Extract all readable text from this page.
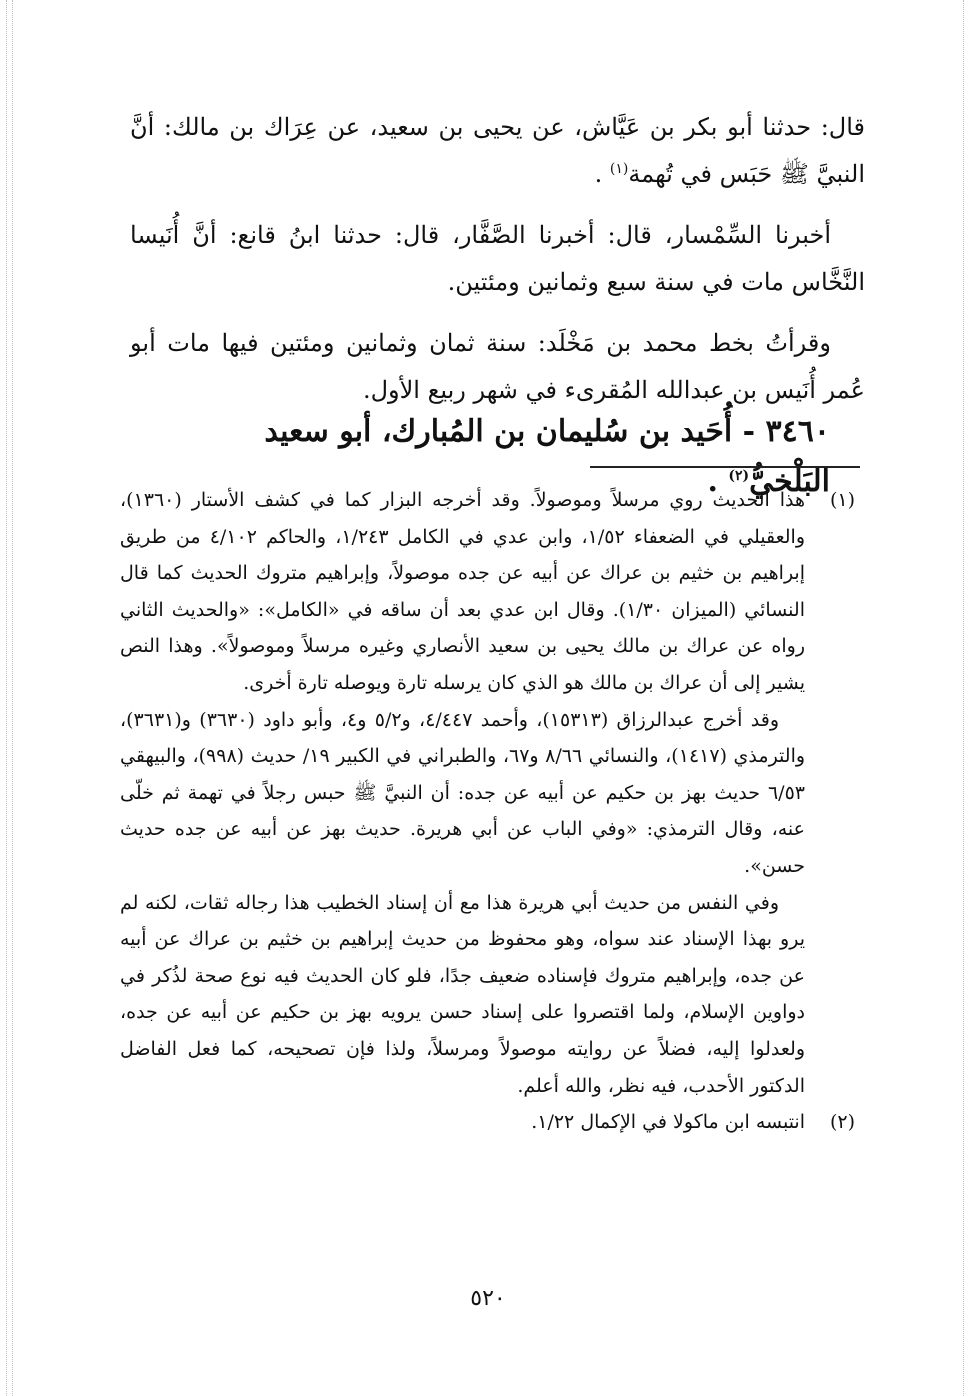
قال: حدثنا أبو بكر بن عَيَّاش، عن يحيى بن سعيد، عن عِرَاك بن مالك: أنَّ النبيَّ ﷺ حَبَس في تُهمة$^{(١)}$ .

أخبرنا السِّمْسار، قال: أخبرنا الصَّفَّار، قال: حدثنا ابنُ قانع: أنَّ أُنَيسا النَّخَّاس مات في سنة سبع وثمانين ومئتين.

وقرأتُ بخط محمد بن مَخْلَد: سنة ثمان وثمانين ومئتين فيها مات أبو عُمر أُنَيس بن عبدالله المُقرىء في شهر ربيع الأول.

٣٤٦٠ - أُحَيد بن سُليمان بن المُبارك، أبو سعيد البَلْخيُّ$^{(٢)}$ .
(١)

هذا الحديث روي مرسلاً وموصولاً. وقد أخرجه البزار كما في كشف الأستار (١٣٦٠)، والعقيلي في الضعفاء ١/٥٢، وابن عدي في الكامل ١/٢٤٣، والحاكم ٤/١٠٢ من طريق إبراهيم بن خثيم بن عراك عن أبيه عن جده موصولاً، وإبراهيم متروك الحديث كما قال النسائي (الميزان ١/٣٠). وقال ابن عدي بعد أن ساقه في «الكامل»: «والحديث الثاني رواه عن عراك بن مالك يحيى بن سعيد الأنصاري وغيره مرسلاً وموصولاً». وهذا النص يشير إلى أن عراك بن مالك هو الذي كان يرسله تارة ويوصله تارة أخرى.

وقد أخرج عبدالرزاق (١٥٣١٣)، وأحمد ٤/٤٤٧، و٥/٢ و٤، وأبو داود (٣٦٣٠) و(٣٦٣١)، والترمذي (١٤١٧)، والنسائي ٨/٦٦ و٦٧، والطبراني في الكبير ١٩/ حديث (٩٩٨)، والبيهقي ٦/٥٣ حديث بهز بن حكيم عن أبيه عن جده: أن النبيَّ ﷺ حبس رجلاً في تهمة ثم خلّى عنه، وقال الترمذي: «وفي الباب عن أبي هريرة. حديث بهز عن أبيه عن جده حديث حسن».

وفي النفس من حديث أبي هريرة هذا مع أن إسناد الخطيب هذا رجاله ثقات، لكنه لم يرو بهذا الإسناد عند سواه، وهو محفوظ من حديث إبراهيم بن خثيم بن عراك عن أبيه عن جده، وإبراهيم متروك فإسناده ضعيف جدًا، فلو كان الحديث فيه نوع صحة لذُكر في دواوين الإسلام، ولما اقتصروا على إسناد حسن يرويه بهز بن حكيم عن أبيه عن جده، ولعدلوا إليه، فضلاً عن روايته موصولاً ومرسلاً، ولذا فإن تصحيحه، كما فعل الفاضل الدكتور الأحدب، فيه نظر، والله أعلم.

(٢)

انتبسه ابن ماكولا في الإكمال ١/٢٢.

٥٢٠
